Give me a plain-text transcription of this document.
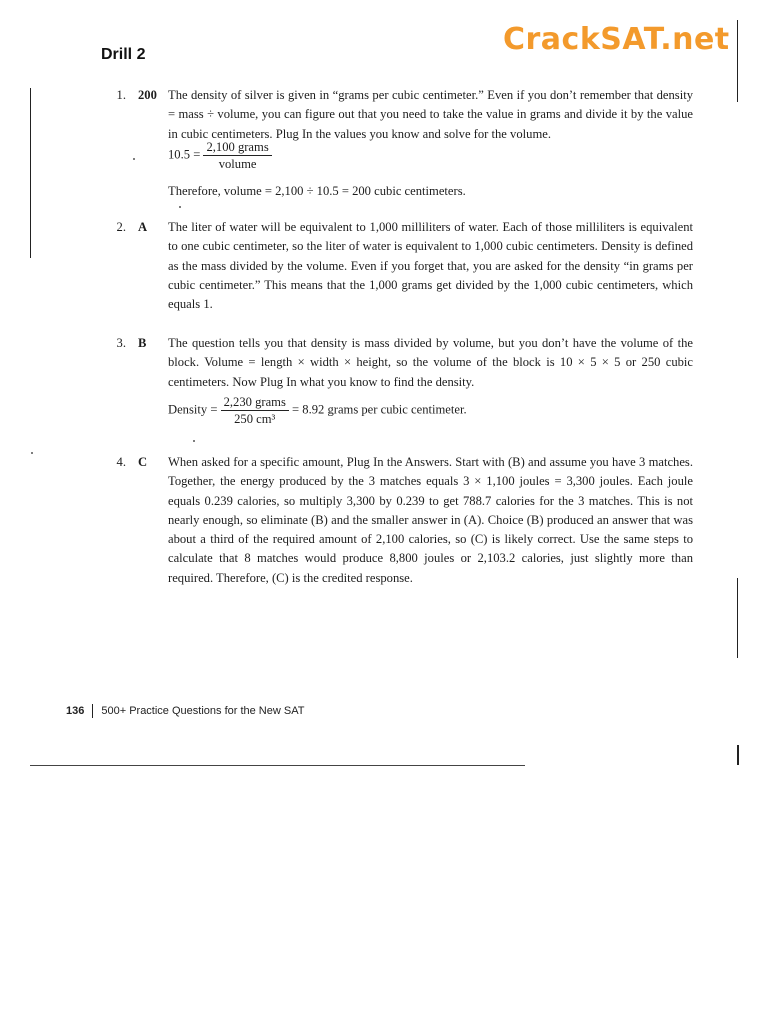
Drill 2	CrackSAT.net
1. 200 The density of silver is given in “grams per cubic centimeter.” Even if you don’t remember that density = mass ÷ volume, you can figure out that you need to take the value in grams and divide it by the value in cubic centimeters. Plug In the values you know and solve for the volume.

$10.5 = \frac{\text{2,100 grams}}{\text{volume}}$
Therefore, volume = 2,100 ÷ 10.5 = 200 cubic centimeters.
2. A The liter of water will be equivalent to 1,000 milliliters of water. Each of those milliliters is equivalent to one cubic centimeter, so the liter of water is equivalent to 1,000 cubic centimeters. Density is defined as the mass divided by the volume. Even if you forget that, you are asked for the density “in grams per cubic centimeter.” This means that the 1,000 grams get divided by the 1,000 cubic centimeters, which equals 1.

3. B The question tells you that density is mass divided by volume, but you don’t have the volume of the block. Volume = length × width × height, so the volume of the block is 10 × 5 × 5 or 250 cubic centimeters. Now Plug In what you know to find the density.

Density = $\frac{\text{2,230 grams}}{\text{250 cm³}} = 8.92$ grams per cubic centimeter.
4. C When asked for a specific amount, Plug In the Answers. Start with (B) and assume you have 3 matches. Together, the energy produced by the 3 matches equals 3 × 1,100 joules = 3,300 joules. Each joule equals 0.239 calories, so multiply 3,300 by 0.239 to get 788.7 calories for the 3 matches. This is not nearly enough, so eliminate (B) and the smaller answer in (A). Choice (B) produced an answer that was about a third of the required amount of 2,100 calories, so (C) is likely correct. Use the same steps to calculate that 8 matches would produce 8,800 joules or 2,103.2 calories, just slightly more than required. Therefore, (C) is the credited response.

136 500+ Practice Questions for the New SAT
